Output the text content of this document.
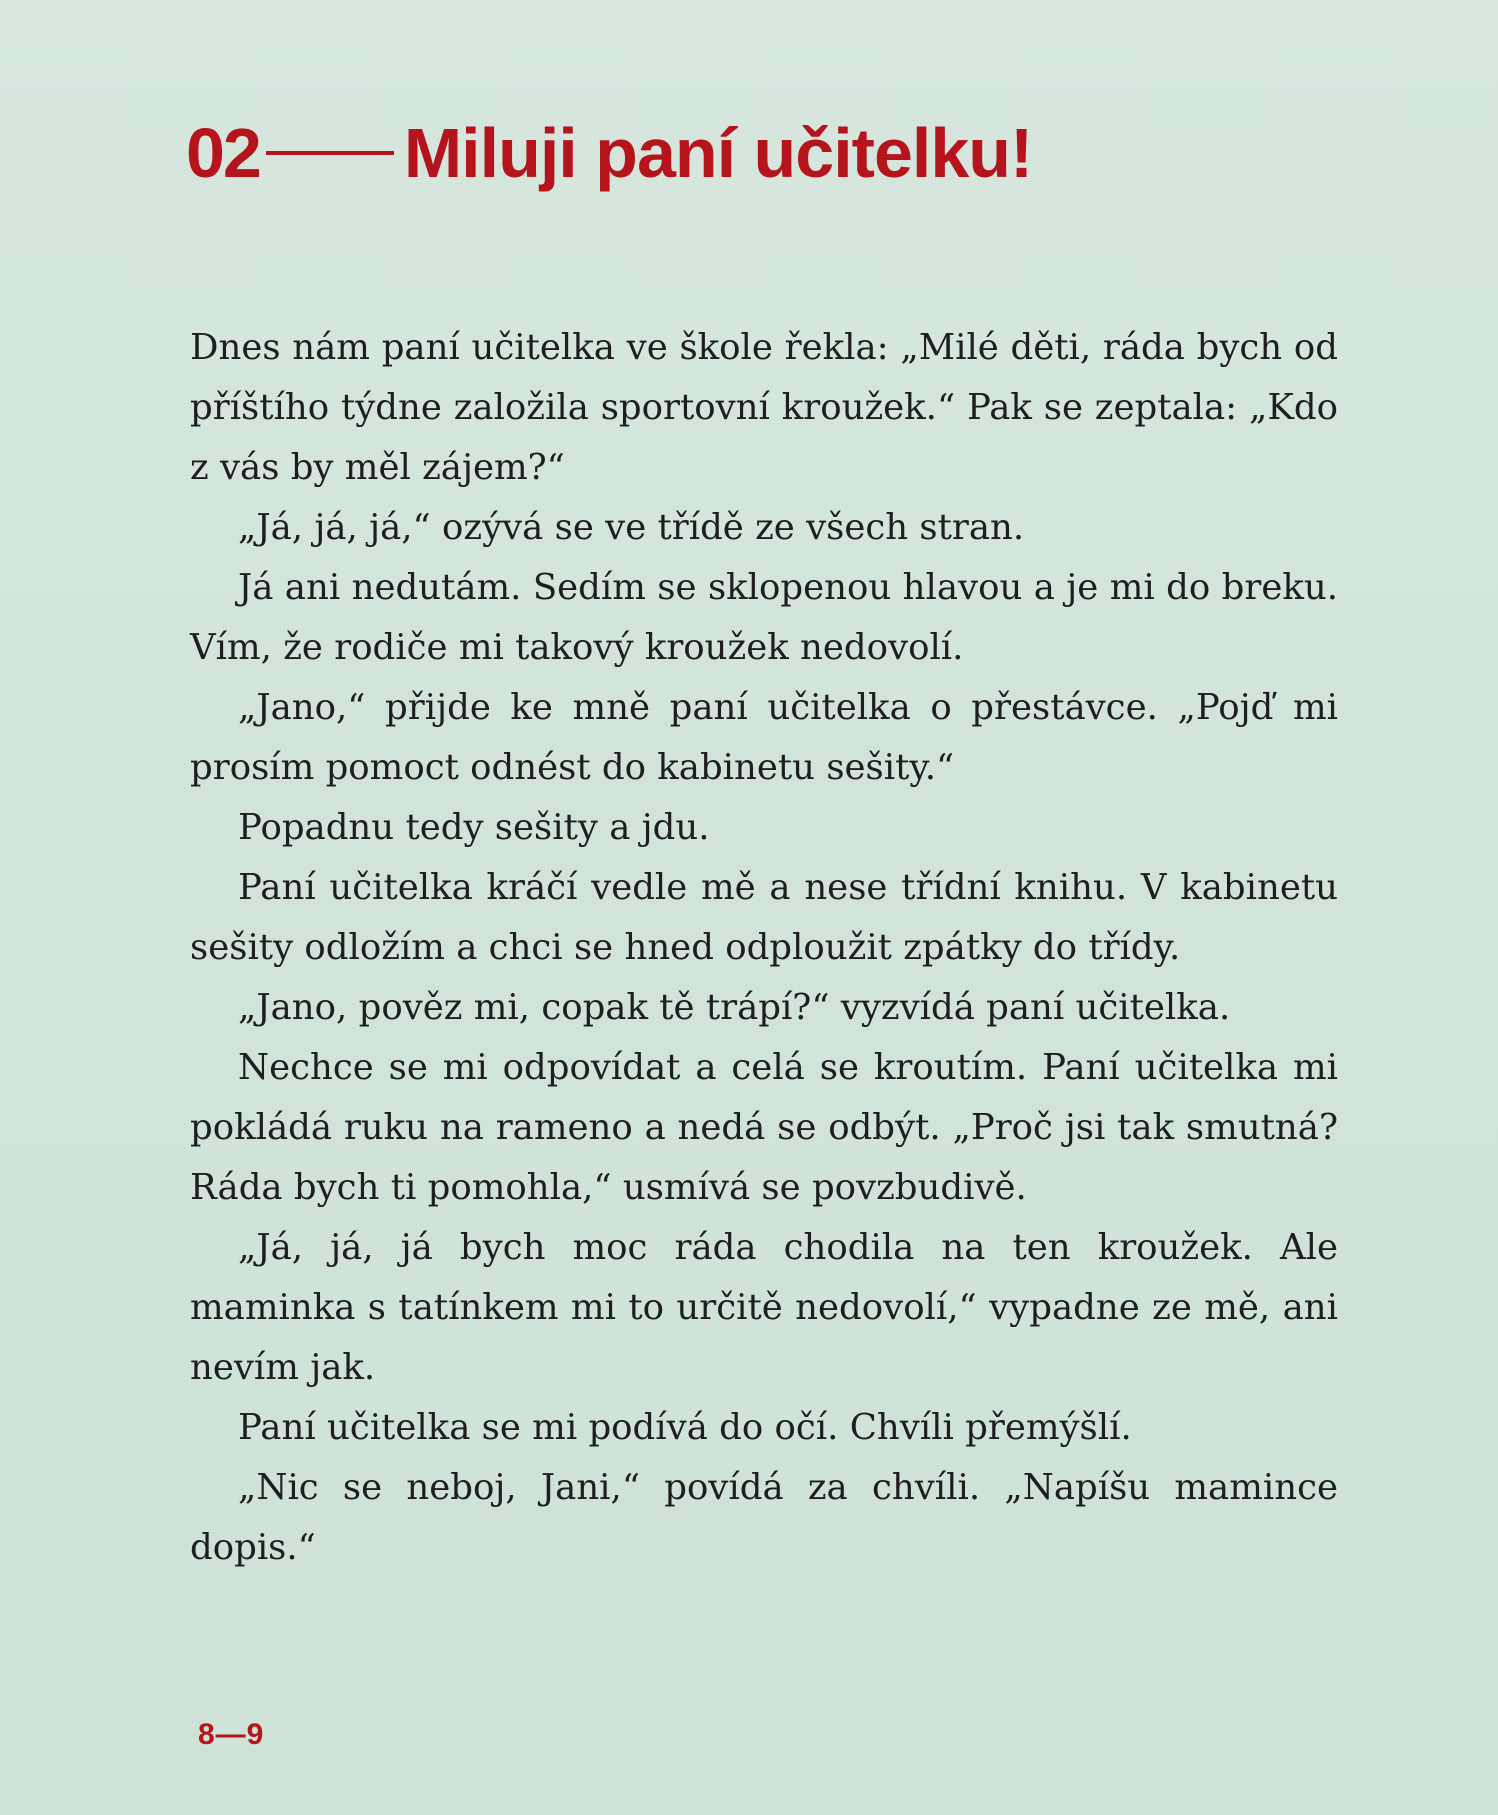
02 Miluji paní učitelku!

Dnes nám paní učitelka ve škole řekla: „Milé děti, ráda bych od příštího týdne založila sportovní kroužek.“ Pak se zeptala: „Kdo z vás by měl zájem?“

„Já, já, já,“ ozývá se ve třídě ze všech stran.

Já ani nedutám. Sedím se sklopenou hlavou a je mi do breku. Vím, že rodiče mi takový kroužek nedovolí.

„Jano,“ přijde ke mně paní učitelka o přestávce. „Pojď mi prosím pomoct odnést do kabinetu sešity.“

Popadnu tedy sešity a jdu.

Paní učitelka kráčí vedle mě a nese třídní knihu. V kabinetu sešity odložím a chci se hned odploužit zpátky do třídy.

„Jano, pověz mi, copak tě trápí?“ vyzvídá paní učitelka.

Nechce se mi odpovídat a celá se kroutím. Paní učitelka mi pokládá ruku na rameno a nedá se odbýt. „Proč jsi tak smutná? Ráda bych ti pomohla,“ usmívá se povzbudivě.

„Já, já, já bych moc ráda chodila na ten kroužek. Ale maminka s tatínkem mi to určitě nedovolí,“ vypadne ze mě, ani nevím jak.

Paní učitelka se mi podívá do očí. Chvíli přemýšlí.

„Nic se neboj, Jani,“ povídá za chvíli. „Napíšu mamince dopis.“

8—9
